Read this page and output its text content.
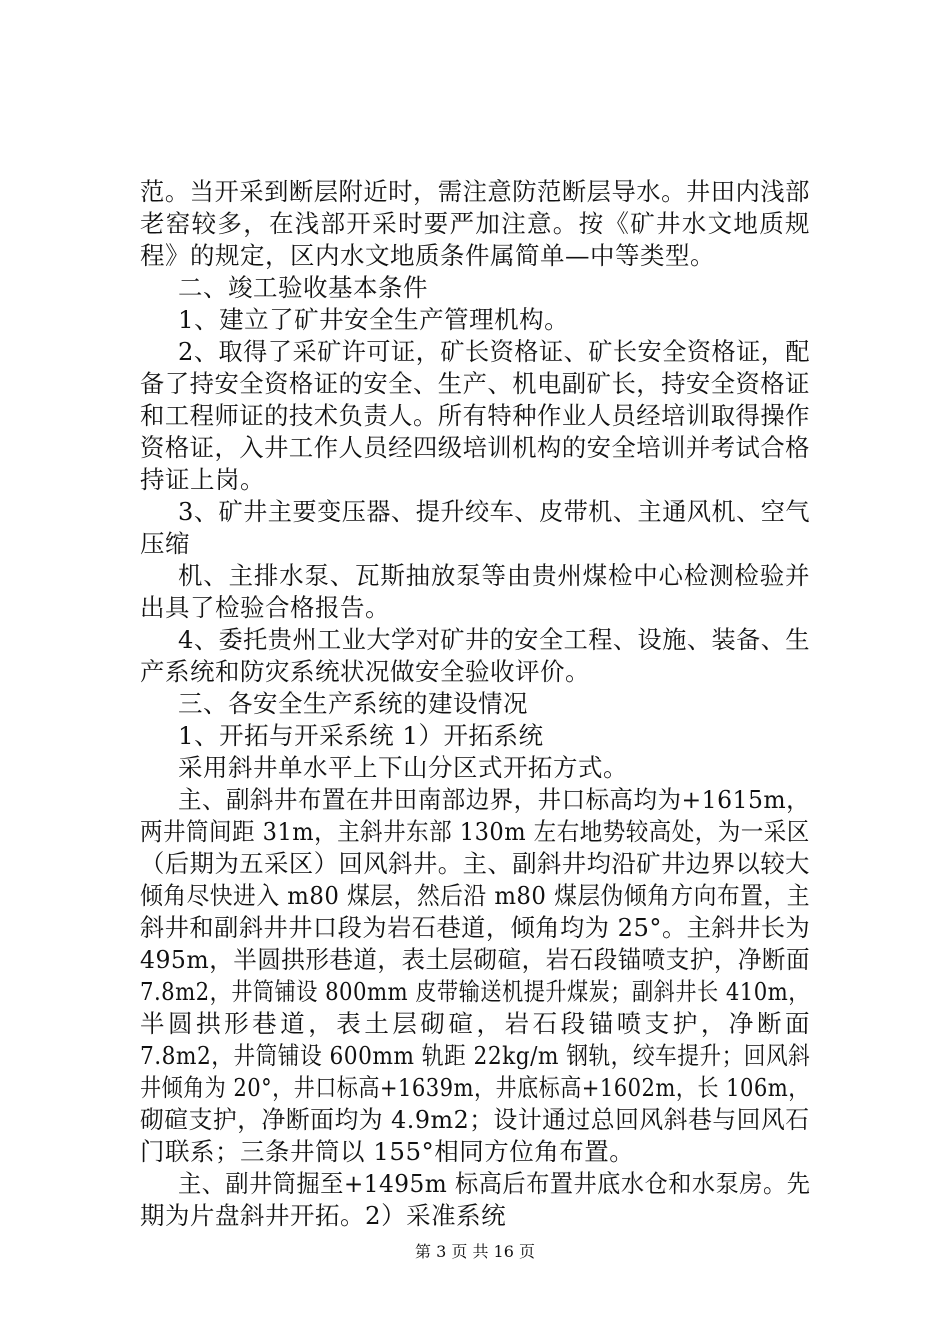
范。当开采到断层附近时，需注意防范断层导水。井田内浅部
老窑较多，在浅部开采时要严加注意。按《矿井水文地质规
程》的规定，区内水文地质条件属简单—中等类型。
二、竣工验收基本条件
1、建立了矿井安全生产管理机构。
2、取得了采矿许可证，矿长资格证、矿长安全资格证，配
备了持安全资格证的安全、生产、机电副矿长，持安全资格证
和工程师证的技术负责人。所有特种作业人员经培训取得操作
资格证，入井工作人员经四级培训机构的安全培训并考试合格
持证上岗。
3、矿井主要变压器、提升绞车、皮带机、主通风机、空气
压缩
机、主排水泵、瓦斯抽放泵等由贵州煤检中心检测检验并
出具了检验合格报告。
4、委托贵州工业大学对矿井的安全工程、设施、装备、生
产系统和防灾系统状况做安全验收评价。
三、各安全生产系统的建设情况
1、开拓与开采系统 1）开拓系统
采用斜井单水平上下山分区式开拓方式。
主、副斜井布置在井田南部边界，井口标高均为+1615m，
两井筒间距 31m，主斜井东部 130m 左右地势较高处，为一采区
（后期为五采区）回风斜井。主、副斜井均沿矿井边界以较大
倾角尽快进入 m80 煤层，然后沿 m80 煤层伪倾角方向布置，主
斜井和副斜井井口段为岩石巷道，倾角均为 25°。主斜井长为
495m，半圆拱形巷道，表土层砌碹，岩石段锚喷支护，净断面
7.8m2，井筒铺设 800mm 皮带输送机提升煤炭；副斜井长 410m，
半圆拱形巷道，表土层砌碹，岩石段锚喷支护，净断面
7.8m2，井筒铺设 600mm 轨距 22kg/m 钢轨，绞车提升；回风斜
井倾角为 20°，井口标高+1639m，井底标高+1602m，长 106m，
砌碹支护，净断面均为 4.9m2；设计通过总回风斜巷与回风石
门联系；三条井筒以 155°相同方位角布置。
主、副井筒掘至+1495m 标高后布置井底水仓和水泵房。先
期为片盘斜井开拓。2）采准系统
第 3 页 共 16 页
